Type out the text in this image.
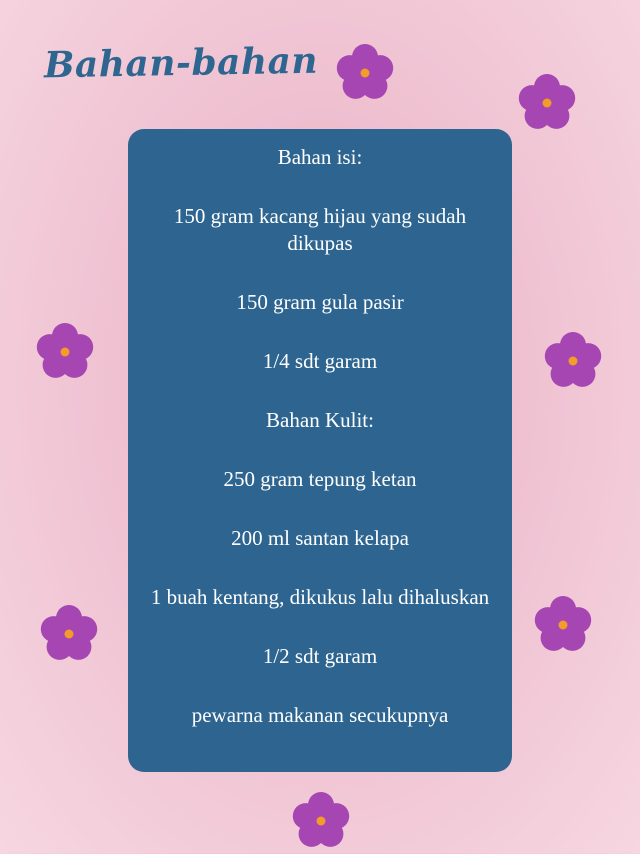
Bahan-bahan
Bahan isi:
150 gram kacang hijau yang sudah dikupas
150 gram gula pasir
1/4 sdt garam
Bahan Kulit:
250 gram tepung ketan
200 ml santan kelapa
1 buah kentang, dikukus lalu dihaluskan
1/2 sdt garam
pewarna makanan secukupnya
